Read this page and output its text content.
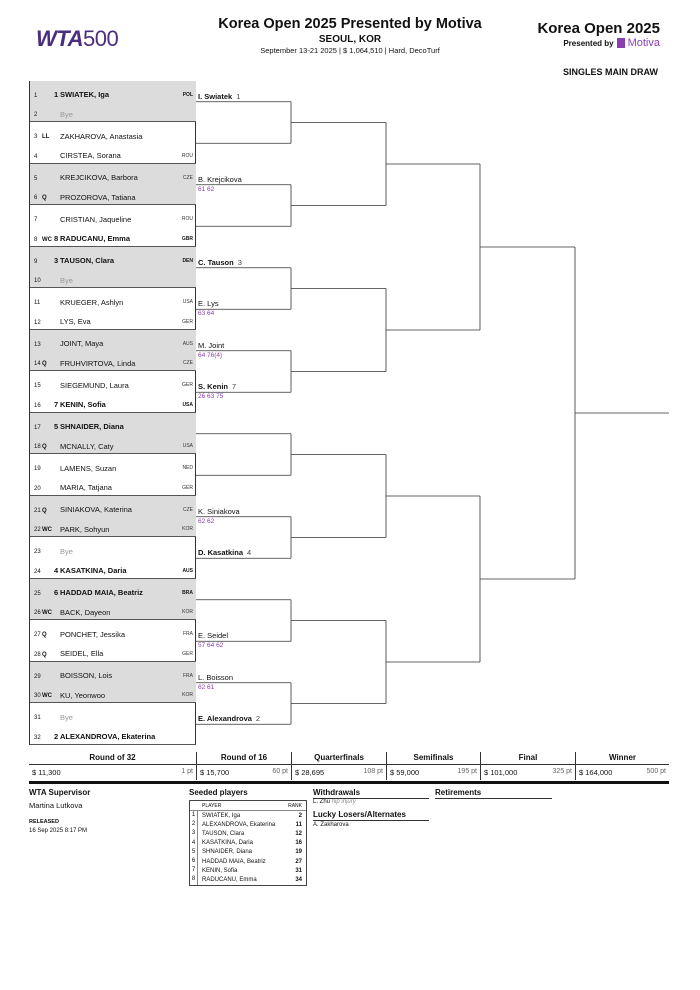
WTA500
Korea Open 2025 Presented by Motiva
SEOUL, KOR
September 13-21 2025 | $ 1,064,510 | Hard, DecoTurf
Korea Open 2025
Presented by Motiva
SINGLES MAIN DRAW
1 1 SWIATEK, Iga	POL
2	Bye
3 LL ZAKHAROVA, Anastasia
4	CIRSTEA, Sorana	ROU
5	KREJCIKOVA, Barbora	CZE
6 Q PROZOROVA, Tatiana
7	CRISTIAN, Jaqueline	ROU
8 WC 8 RADUCANU, Emma	GBR
9 3 TAUSON, Clara	DEN
10	Bye
11	KRUEGER, Ashlyn	USA
12	LYS, Eva	GER
13	JOINT, Maya	AUS
14 Q FRUHVIRTOVA, Linda	CZE
15	SIEGEMUND, Laura	GER
16 7 KENIN, Sofia	USA
17 5 SHNAIDER, Diana
18 Q MCNALLY, Caty	USA
19	LAMENS, Suzan	NED
20	MARIA, Tatjana	GER
21 Q SINIAKOVA, Katerina	CZE
22 WC PARK, Sohyun	KOR
23	Bye
24 4 KASATKINA, Daria	AUS
25 6 HADDAD MAIA, Beatriz	BRA
26 WC BACK, Dayeon	KOR
27 Q PONCHET, Jessika	FRA
28 Q SEIDEL, Ella	GER
29	BOISSON, Lois	FRA
30 WC KU, Yeonwoo	KOR
31	Bye
32 2 ALEXANDROVA, Ekaterina
I. Swiatek 1
B. Krejcikova
61 62
C. Tauson 3
E. Lys
63 64
M. Joint
64 76(4)
S. Kenin 7
26 63 75
K. Siniakova
62 62
D. Kasatkina 4
E. Seidel
57 64 62
L. Boisson
62 61
E. Alexandrova 2
Round of 32
$ 11,300	1 pt
Round of 16
$ 15,700	60 pt
Quarterfinals
$ 28,695	108 pt
Semifinals
$ 59,000	195 pt
Final
$ 101,000	325 pt
Winner
$ 164,000	500 pt
WTA Supervisor
Martina Lutkova
RELEASED
16 Sep 2025 8:17 PM
Seeded players
PLAYER	RANK
1	SWIATEK, Iga	2
2	ALEXANDROVA, Ekaterina	11
3	TAUSON, Clara	12
4	KASATKINA, Daria	16
5	SHNAIDER, Diana	19
6	HADDAD MAIA, Beatriz	27
7	KENIN, Sofia	31
8	RADUCANU, Emma	34
Withdrawals
L. Zhu hip injury
Lucky Losers/Alternates
A. Zakharova
Retirements
